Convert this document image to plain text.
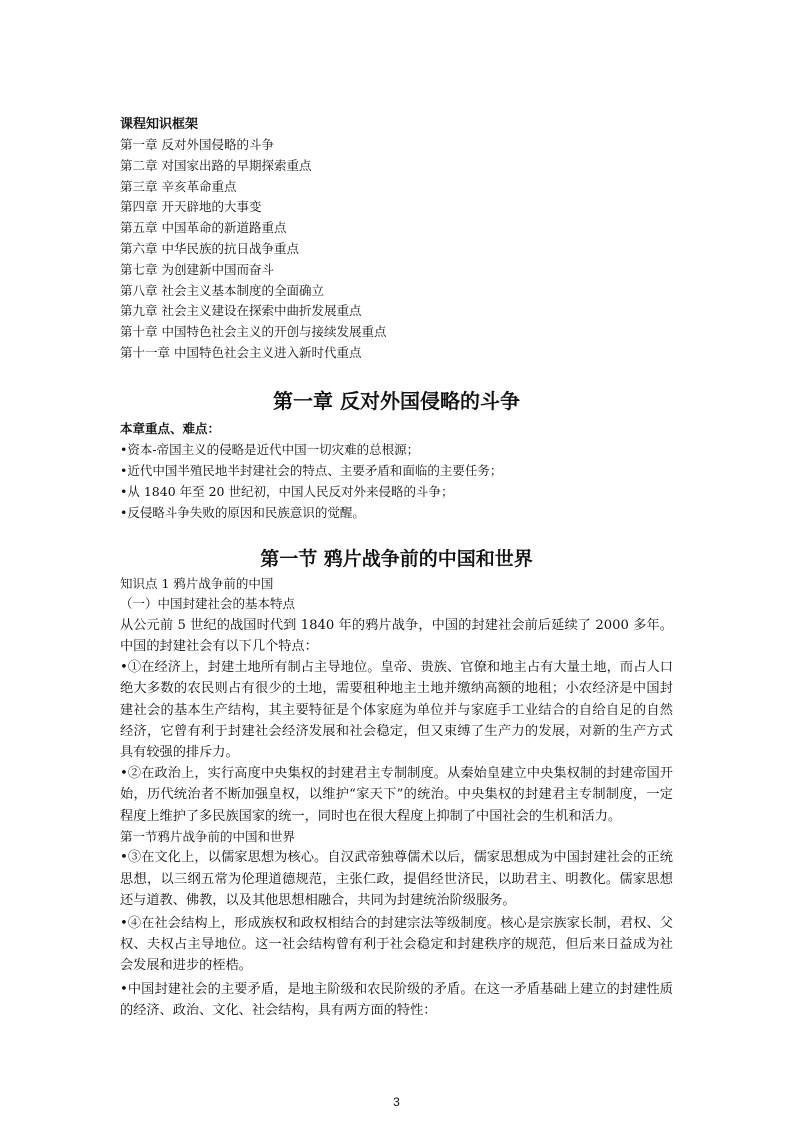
课程知识框架

第一章 反对外国侵略的斗争
第二章 对国家出路的早期探索重点
第三章 辛亥革命重点
第四章 开天辟地的大事变
第五章 中国革命的新道路重点
第六章 中华民族的抗日战争重点
第七章 为创建新中国而奋斗
第八章 社会主义基本制度的全面确立
第九章 社会主义建设在探索中曲折发展重点
第十章 中国特色社会主义的开创与接续发展重点
第十一章 中国特色社会主义进入新时代重点
第一章 反对外国侵略的斗争

本章重点、难点：

•资本-帝国主义的侵略是近代中国一切灾难的总根源；
•近代中国半殖民地半封建社会的特点、主要矛盾和面临的主要任务；
•从 1840 年至 20 世纪初，中国人民反对外来侵略的斗争；
•反侵略斗争失败的原因和民族意识的觉醒。
第一节 鸦片战争前的中国和世界

知识点 1 鸦片战争前的中国

（一）中国封建社会的基本特点

从公元前 5 世纪的战国时代到 1840 年的鸦片战争，中国的封建社会前后延续了 2000 多年。中国的封建社会有以下几个特点：

•①在经济上，封建土地所有制占主导地位。皇帝、贵族、官僚和地主占有大量土地，而占人口绝大多数的农民则占有很少的土地，需要租种地主土地并缴纳高额的地租；小农经济是中国封建社会的基本生产结构，其主要特征是个体家庭为单位并与家庭手工业结合的自给自足的自然经济，它曾有利于封建社会经济发展和社会稳定，但又束缚了生产力的发展，对新的生产方式具有较强的排斥力。

•②在政治上，实行高度中央集权的封建君主专制制度。从秦始皇建立中央集权制的封建帝国开始，历代统治者不断加强皇权，以维护“家天下”的统治。中央集权的封建君主专制制度，一定程度上维护了多民族国家的统一，同时也在很大程度上抑制了中国社会的生机和活力。

第一节鸦片战争前的中国和世界

•③在文化上，以儒家思想为核心。自汉武帝独尊儒术以后，儒家思想成为中国封建社会的正统思想，以三纲五常为伦理道德规范，主张仁政，提倡经世济民，以助君主、明教化。儒家思想还与道教、佛教，以及其他思想相融合，共同为封建统治阶级服务。

•④在社会结构上，形成族权和政权相结合的封建宗法等级制度。核心是宗族家长制，君权、父权、夫权占主导地位。这一社会结构曾有利于社会稳定和封建秩序的规范，但后来日益成为社会发展和进步的桎梏。

•中国封建社会的主要矛盾，是地主阶级和农民阶级的矛盾。在这一矛盾基础上建立的封建性质的经济、政治、文化、社会结构，具有两方面的特性：

3
